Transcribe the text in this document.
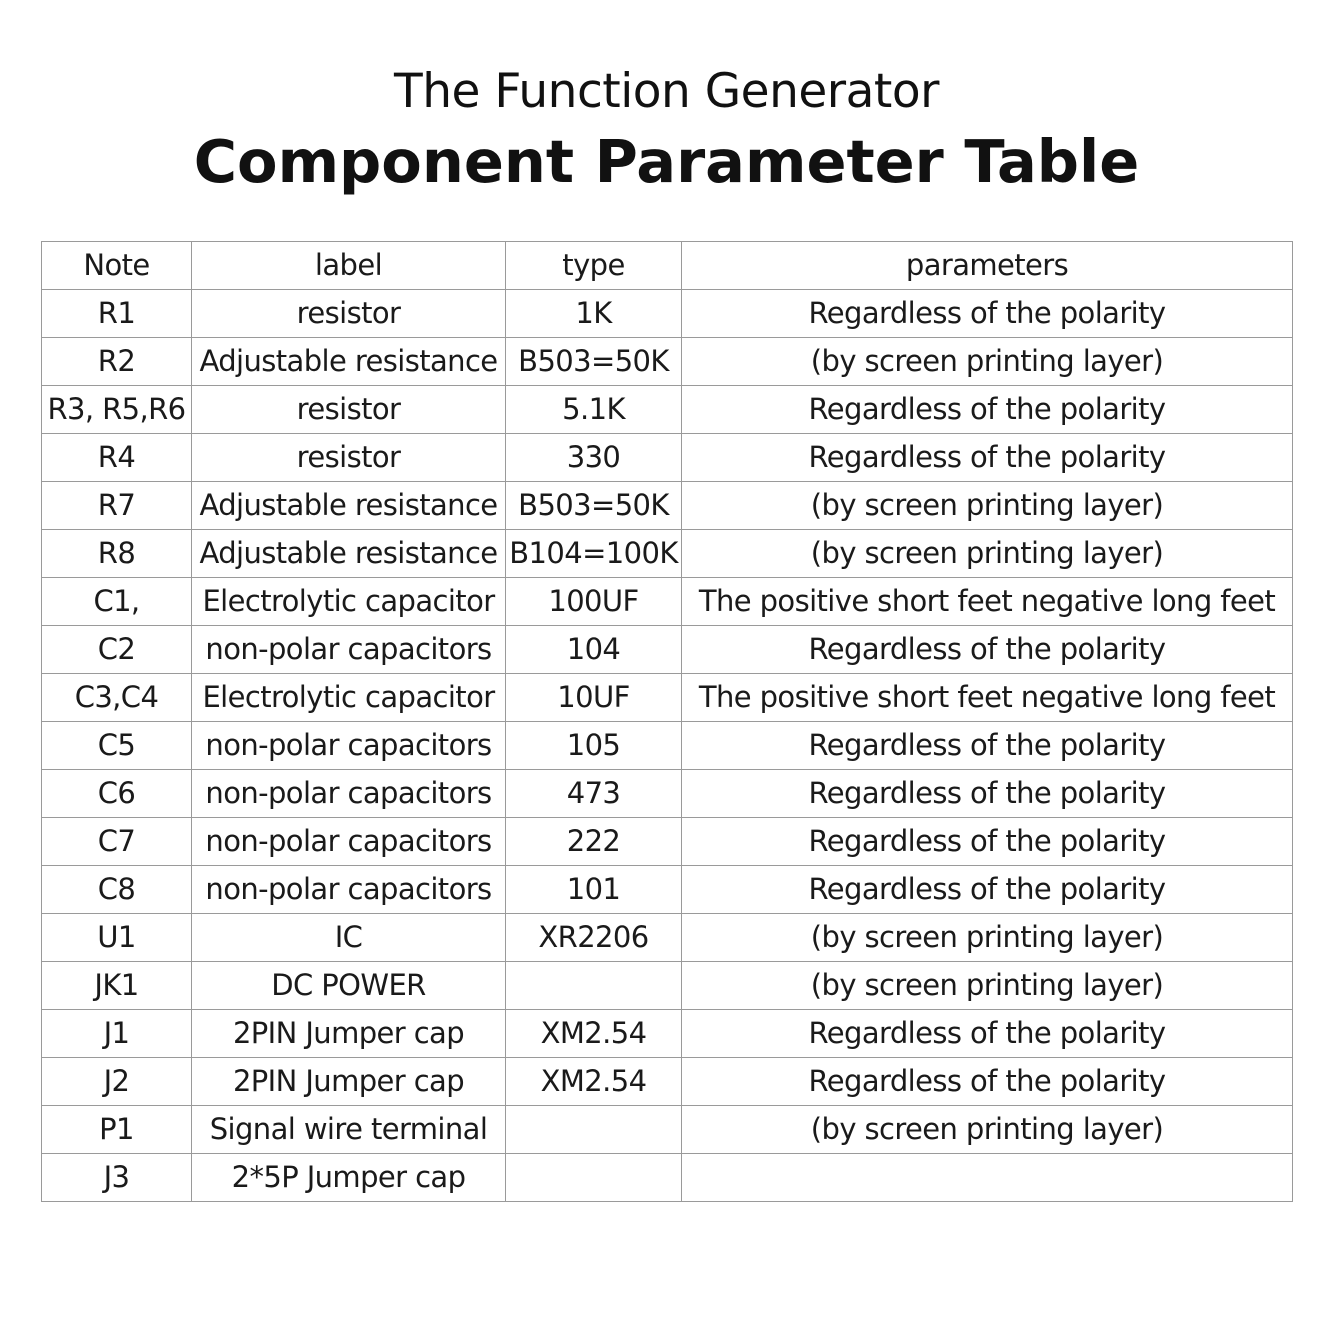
The Function Generator
Component Parameter Table
Note	label	type	parameters
R1	resistor	1K	Regardless of the polarity
R2	Adjustable resistance	B503=50K	(by screen printing layer)
R3, R5,R6	resistor	5.1K	Regardless of the polarity
R4	resistor	330	Regardless of the polarity
R7	Adjustable resistance	B503=50K	(by screen printing layer)
R8	Adjustable resistance	B104=100K	(by screen printing layer)
C1,	Electrolytic capacitor	100UF	The positive short feet negative long feet
C2	non-polar capacitors	104	Regardless of the polarity
C3,C4	Electrolytic capacitor	10UF	The positive short feet negative long feet
C5	non-polar capacitors	105	Regardless of the polarity
C6	non-polar capacitors	473	Regardless of the polarity
C7	non-polar capacitors	222	Regardless of the polarity
C8	non-polar capacitors	101	Regardless of the polarity
U1	IC	XR2206	(by screen printing layer)
JK1	DC POWER		(by screen printing layer)
J1	2PIN Jumper cap	XM2.54	Regardless of the polarity
J2	2PIN Jumper cap	XM2.54	Regardless of the polarity
P1	Signal wire terminal		(by screen printing layer)
J3	2*5P Jumper cap		
